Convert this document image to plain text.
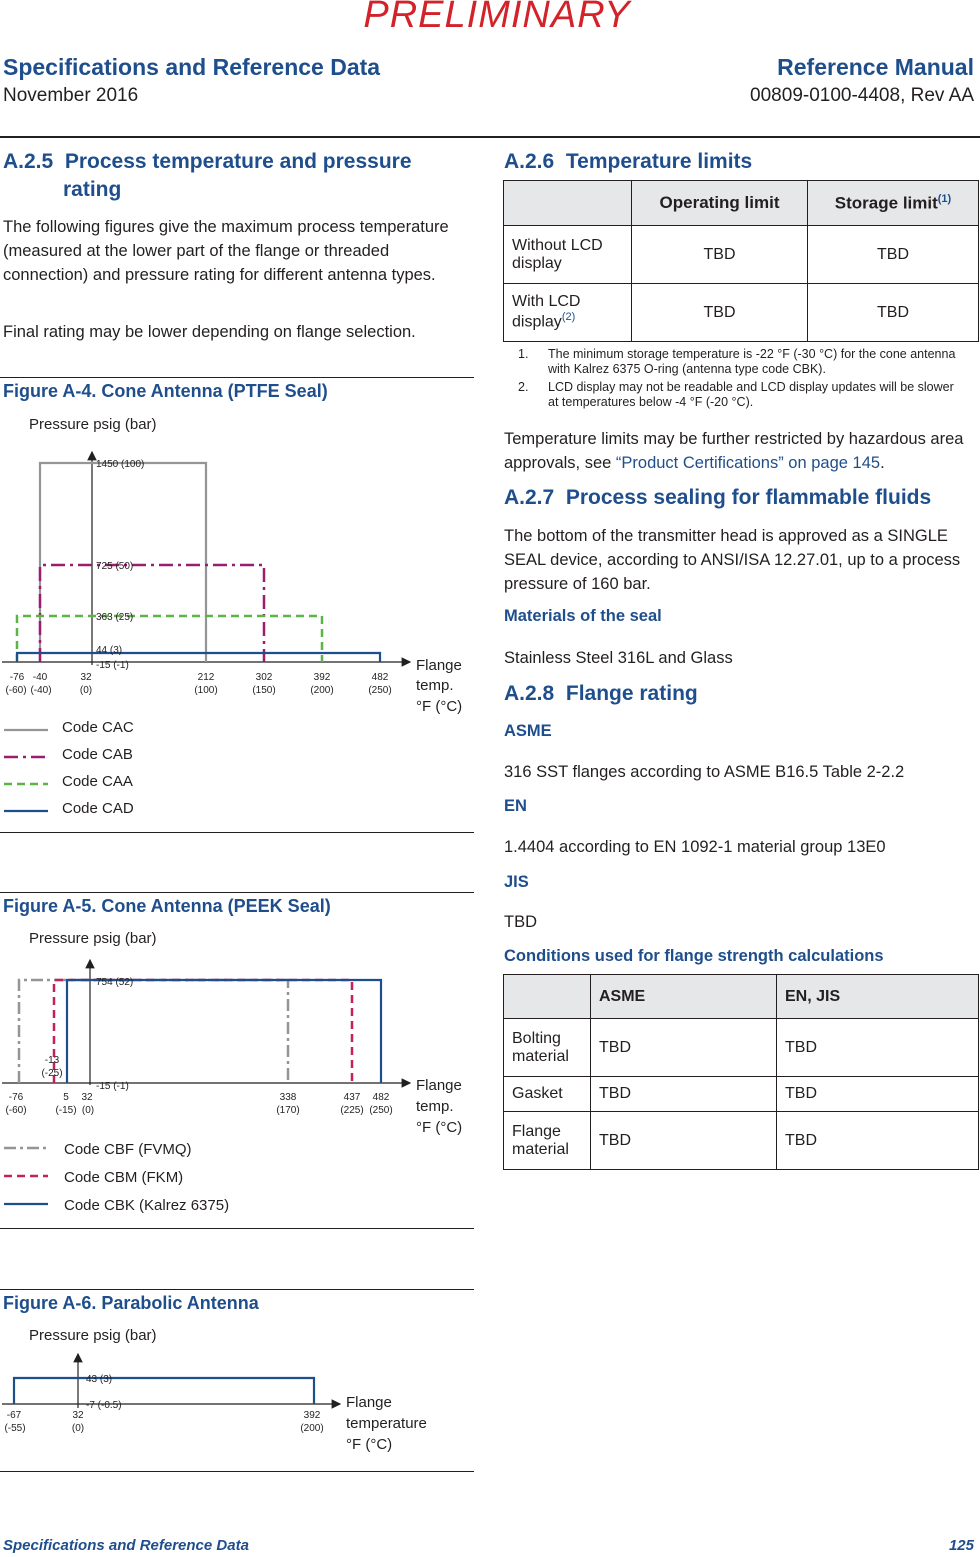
PRELIMINARY
Specifications and Reference Data
November 2016
Reference Manual
00809-0100-4408, Rev AA
A.2.5 Process temperature and pressure
rating
The following figures give the maximum process temperature (measured at the lower part of the flange or threaded connection) and pressure rating for different antenna types.
Final rating may be lower depending on flange selection.
Figure A-4. Cone Antenna (PTFE Seal)
Pressure psig (bar)
1450 (100)
725 (50)
363 (25)
44 (3)
-15 (-1)
-76 -40	32	212	302	392	482
(-60) (-40)	(0)	(100)	(150)	(200)	(250)
Flange
temp.
°F (°C)
Code CAC
Code CAB
Code CAA
Code CAD
Figure A-5. Cone Antenna (PEEK Seal)
Pressure psig (bar)
754 (52)
-15 (-1)
-13
(-25)
-76	5 32	338	437 482
(-60)	(-15) (0)	(170)	(225) (250)
Flange
temp.
°F (°C)
Code CBF (FVMQ)
Code CBM (FKM)
Code CBK (Kalrez 6375)
Figure A-6. Parabolic Antenna
Pressure psig (bar)
43 (3)
-7 (-0.5)
-67	32	392
(-55)	(0)	(200)
Flange
temperature
°F (°C)
A.2.6 Temperature limits
	Operating limit	Storage limit$^{(1)}$
Without LCD display	TBD	TBD
With LCD display$^{(2)}$	TBD	TBD
1. The minimum storage temperature is -22 °F (-30 °C) for the cone antenna with Kalrez 6375 O-ring (antenna type code CBK).
2. LCD display may not be readable and LCD display updates will be slower at temperatures below -4 °F (-20 °C).
Temperature limits may be further restricted by hazardous area approvals, see “Product Certifications” on page 145.
A.2.7 Process sealing for flammable fluids
The bottom of the transmitter head is approved as a SINGLE SEAL device, according to ANSI/ISA 12.27.01, up to a process pressure of 160 bar.
Materials of the seal
Stainless Steel 316L and Glass
A.2.8 Flange rating
ASME
316 SST flanges according to ASME B16.5 Table 2-2.2
EN
1.4404 according to EN 1092-1 material group 13E0
JIS
TBD
Conditions used for flange strength calculations
	ASME	EN, JIS
Bolting material	TBD	TBD
Gasket	TBD	TBD
Flange material	TBD	TBD
Specifications and Reference Data	125
